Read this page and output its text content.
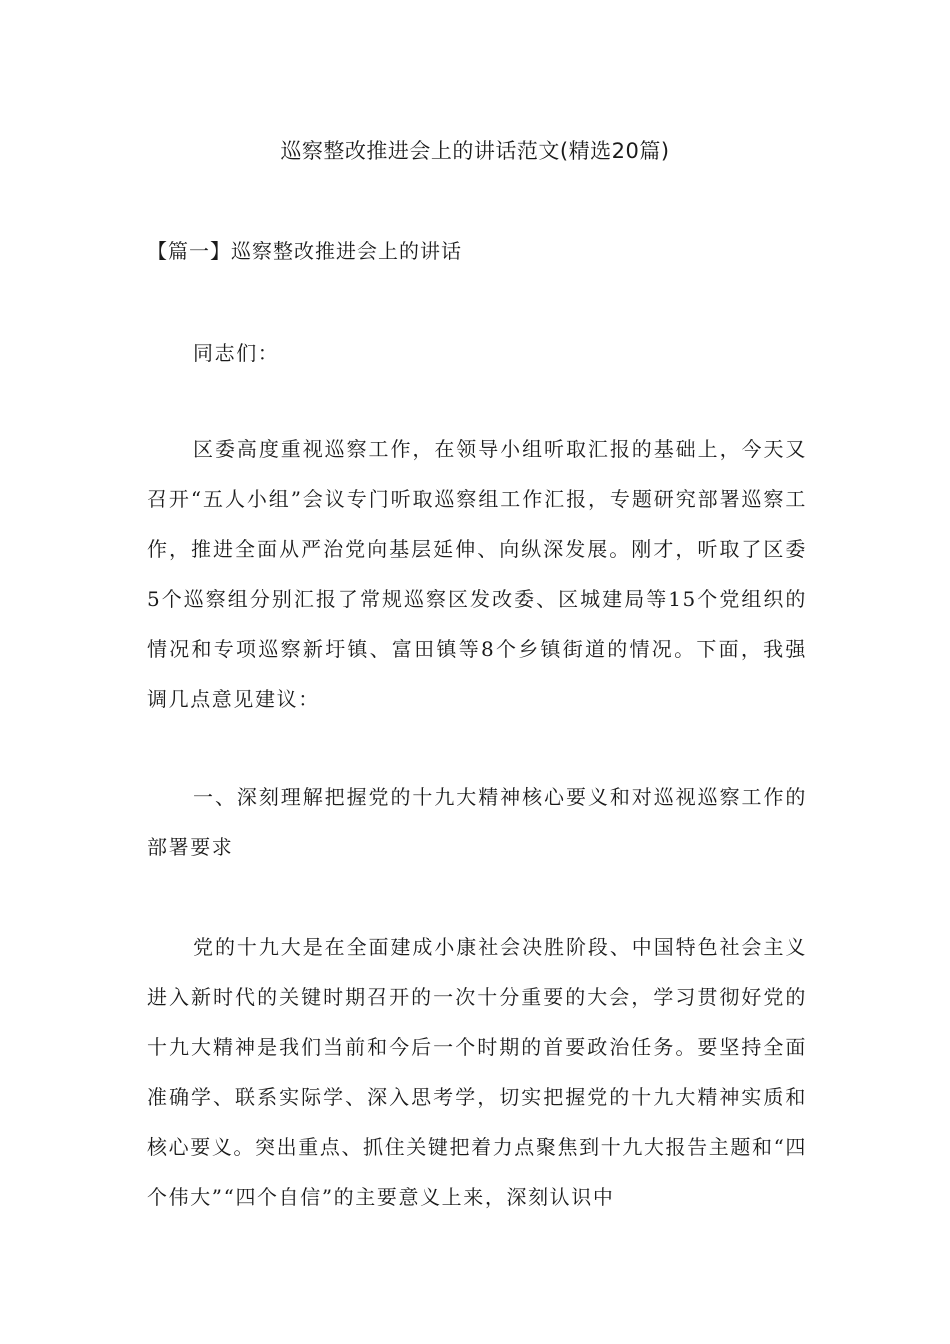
巡察整改推进会上的讲话范文(精选20篇)
【篇一】巡察整改推进会上的讲话

同志们：

区委高度重视巡察工作，在领导小组听取汇报的基础上，今天又召开“五人小组”会议专门听取巡察组工作汇报，专题研究部署巡察工作，推进全面从严治党向基层延伸、向纵深发展。刚才，听取了区委5个巡察组分别汇报了常规巡察区发改委、区城建局等15个党组织的情况和专项巡察新圩镇、富田镇等8个乡镇街道的情况。下面，我强调几点意见建议：

一、深刻理解把握党的十九大精神核心要义和对巡视巡察工作的部署要求

党的十九大是在全面建成小康社会决胜阶段、中国特色社会主义进入新时代的关键时期召开的一次十分重要的大会，学习贯彻好党的十九大精神是我们当前和今后一个时期的首要政治任务。要坚持全面准确学、联系实际学、深入思考学，切实把握党的十九大精神实质和核心要义。突出重点、抓住关键把着力点聚焦到十九大报告主题和“四个伟大”“四个自信”的主要意义上来，深刻认识中
